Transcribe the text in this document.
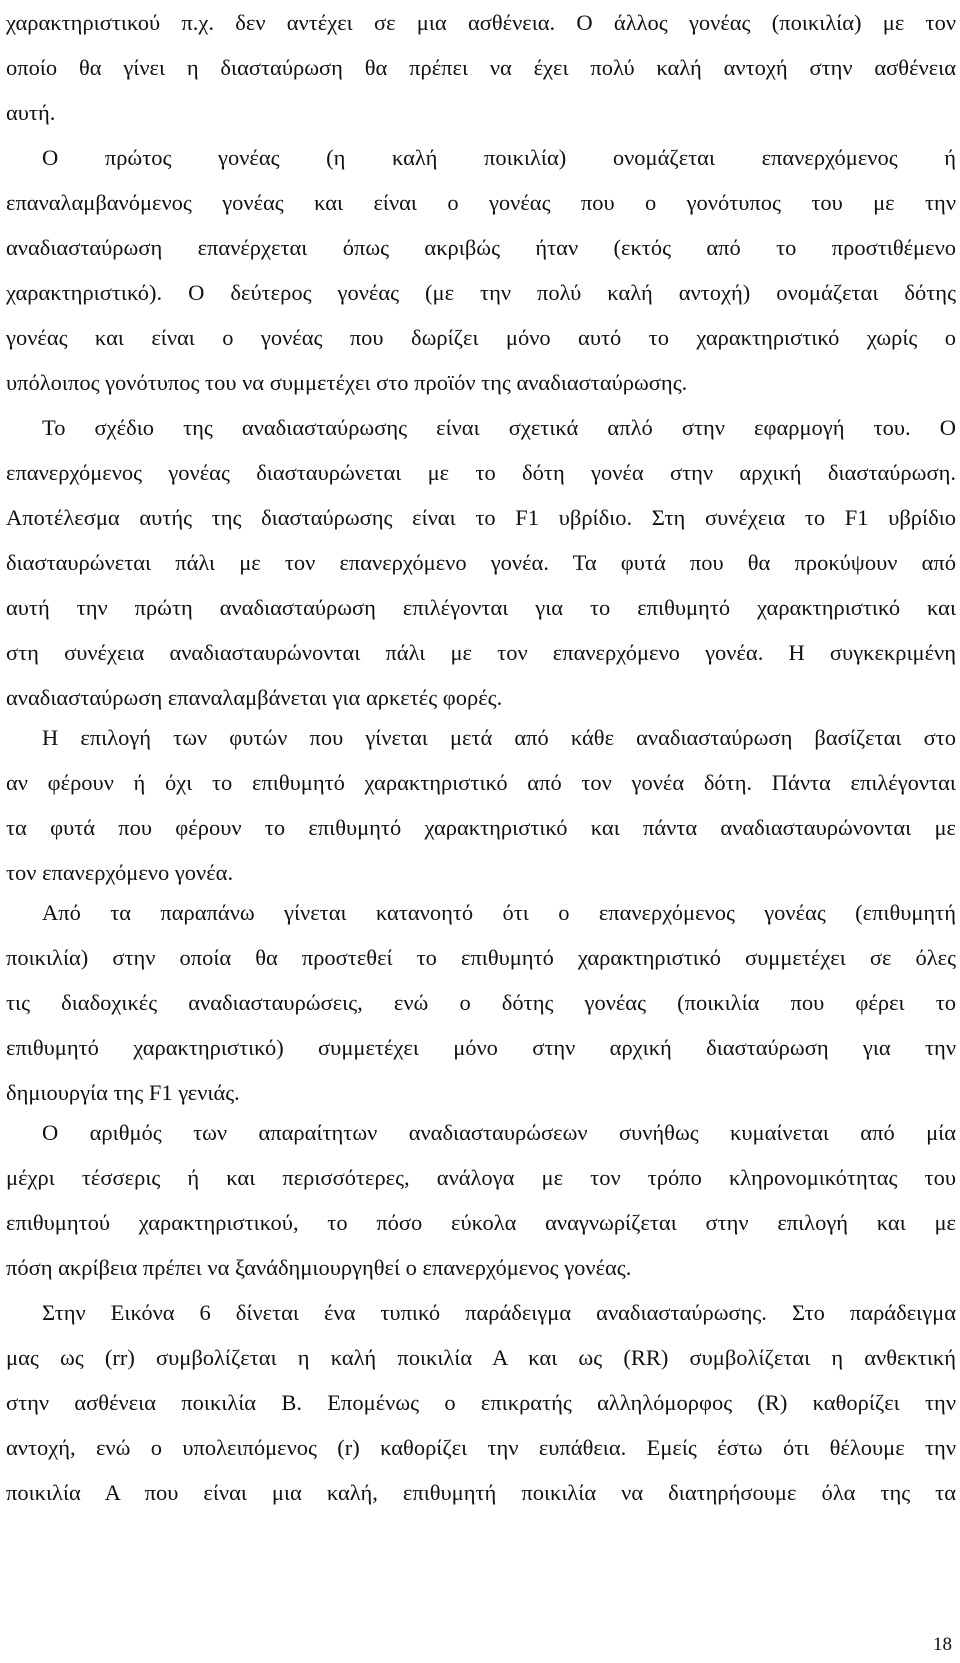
χαρακτηριστικού π.χ. δεν αντέχει σε μια ασθένεια. Ο άλλος γονέας (ποικιλία) με τον
οποίο θα γίνει η διασταύρωση θα πρέπει να έχει πολύ καλή αντοχή στην ασθένεια
αυτή.
Ο πρώτος γονέας (η καλή ποικιλία) ονομάζεται επανερχόμενος ή
επαναλαμβανόμενος γονέας και είναι ο γονέας που ο γονότυπος του με την
αναδιασταύρωση επανέρχεται όπως ακριβώς ήταν (εκτός από το προστιθέμενο
χαρακτηριστικό). Ο δεύτερος γονέας (με την πολύ καλή αντοχή) ονομάζεται δότης
γονέας και είναι ο γονέας που δωρίζει μόνο αυτό το χαρακτηριστικό χωρίς ο
υπόλοιπος γονότυπος του να συμμετέχει στο προϊόν της αναδιασταύρωσης.
Το σχέδιο της αναδιασταύρωσης είναι σχετικά απλό στην εφαρμογή του. Ο
επανερχόμενος γονέας διασταυρώνεται με το δότη γονέα στην αρχική διασταύρωση.
Αποτέλεσμα αυτής της διασταύρωσης είναι το F1 υβρίδιο. Στη συνέχεια το F1 υβρίδιο
διασταυρώνεται πάλι με τον επανερχόμενο γονέα. Τα φυτά που θα προκύψουν από
αυτή την πρώτη αναδιασταύρωση επιλέγονται για το επιθυμητό χαρακτηριστικό και
στη συνέχεια αναδιασταυρώνονται πάλι με τον επανερχόμενο γονέα. Η συγκεκριμένη
αναδιασταύρωση επαναλαμβάνεται για αρκετές φορές.
Η επιλογή των φυτών που γίνεται μετά από κάθε αναδιασταύρωση βασίζεται στο
αν φέρουν ή όχι το επιθυμητό χαρακτηριστικό από τον γονέα δότη. Πάντα επιλέγονται
τα φυτά που φέρουν το επιθυμητό χαρακτηριστικό και πάντα αναδιασταυρώνονται με
τον επανερχόμενο γονέα.
Από τα παραπάνω γίνεται κατανοητό ότι ο επανερχόμενος γονέας (επιθυμητή
ποικιλία) στην οποία θα προστεθεί το επιθυμητό χαρακτηριστικό συμμετέχει σε όλες
τις διαδοχικές αναδιασταυρώσεις, ενώ ο δότης γονέας (ποικιλία που φέρει το
επιθυμητό χαρακτηριστικό) συμμετέχει μόνο στην αρχική διασταύρωση για την
δημιουργία της F1 γενιάς.
Ο αριθμός των απαραίτητων αναδιασταυρώσεων συνήθως κυμαίνεται από μία
μέχρι τέσσερις ή και περισσότερες, ανάλογα με τον τρόπο κληρονομικότητας του
επιθυμητού χαρακτηριστικού, το πόσο εύκολα αναγνωρίζεται στην επιλογή και με
πόση ακρίβεια πρέπει να ξανάδημιουργηθεί ο επανερχόμενος γονέας.
Στην Εικόνα 6 δίνεται ένα τυπικό παράδειγμα αναδιασταύρωσης. Στο παράδειγμα
μας ως (rr) συμβολίζεται η καλή ποικιλία Α και ως (RR) συμβολίζεται η ανθεκτική
στην ασθένεια ποικιλία Β. Επομένως ο επικρατής αλληλόμορφος (R) καθορίζει την
αντοχή, ενώ ο υπολειπόμενος (r) καθορίζει την ευπάθεια. Εμείς έστω ότι θέλουμε την
ποικιλία Α που είναι μια καλή, επιθυμητή ποικιλία να διατηρήσουμε όλα της τα
18
